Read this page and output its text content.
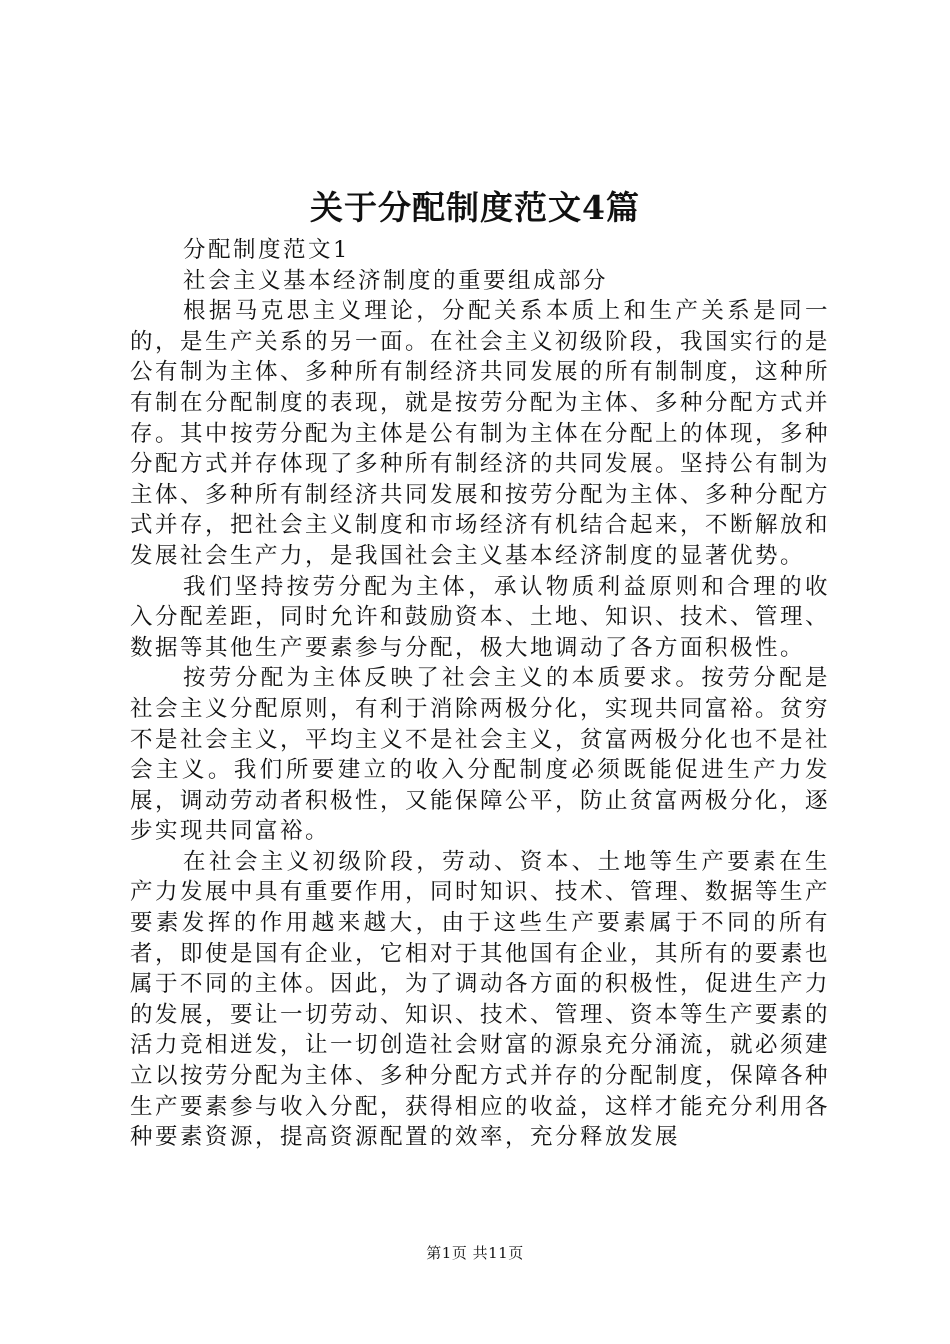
关于分配制度范文4篇

分配制度范文1

社会主义基本经济制度的重要组成部分

根据马克思主义理论，分配关系本质上和生产关系是同一的，是生产关系的另一面。在社会主义初级阶段，我国实行的是公有制为主体、多种所有制经济共同发展的所有制制度，这种所有制在分配制度的表现，就是按劳分配为主体、多种分配方式并存。其中按劳分配为主体是公有制为主体在分配上的体现，多种分配方式并存体现了多种所有制经济的共同发展。坚持公有制为主体、多种所有制经济共同发展和按劳分配为主体、多种分配方式并存，把社会主义制度和市场经济有机结合起来，不断解放和发展社会生产力，是我国社会主义基本经济制度的显著优势。

我们坚持按劳分配为主体，承认物质利益原则和合理的收入分配差距，同时允许和鼓励资本、土地、知识、技术、管理、数据等其他生产要素参与分配，极大地调动了各方面积极性。

按劳分配为主体反映了社会主义的本质要求。按劳分配是社会主义分配原则，有利于消除两极分化，实现共同富裕。贫穷不是社会主义，平均主义不是社会主义，贫富两极分化也不是社会主义。我们所要建立的收入分配制度必须既能促进生产力发展，调动劳动者积极性，又能保障公平，防止贫富两极分化，逐步实现共同富裕。

在社会主义初级阶段，劳动、资本、土地等生产要素在生产力发展中具有重要作用，同时知识、技术、管理、数据等生产要素发挥的作用越来越大，由于这些生产要素属于不同的所有者，即使是国有企业，它相对于其他国有企业，其所有的要素也属于不同的主体。因此，为了调动各方面的积极性，促进生产力的发展，要让一切劳动、知识、技术、管理、资本等生产要素的活力竞相迸发，让一切创造社会财富的源泉充分涌流，就必须建立以按劳分配为主体、多种分配方式并存的分配制度，保障各种生产要素参与收入分配，获得相应的收益，这样才能充分利用各种要素资源，提高资源配置的效率，充分释放发展

第1页 共11页
